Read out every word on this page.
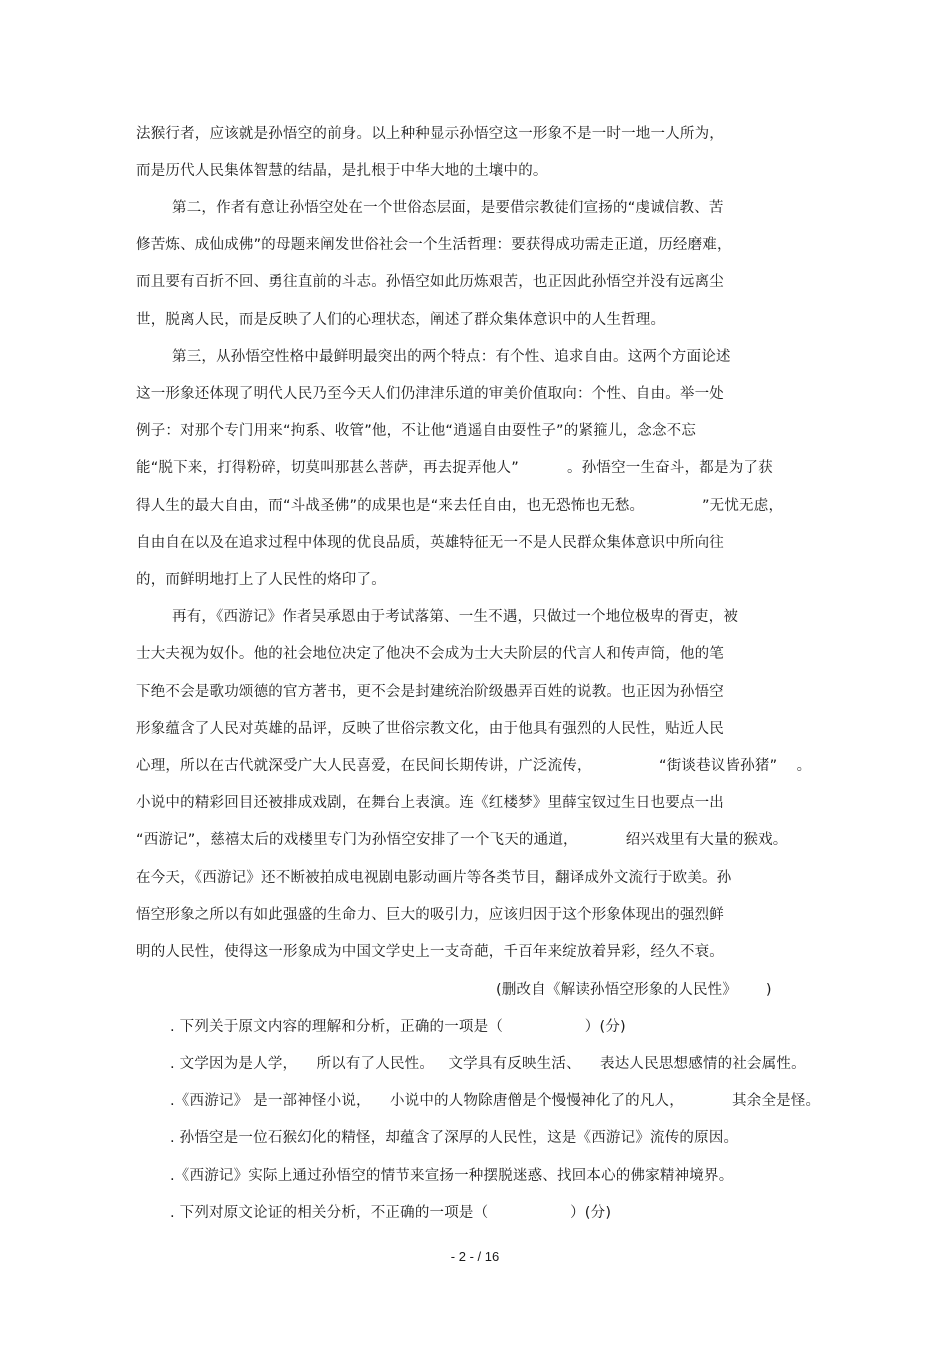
法猴行者，应该就是孙悟空的前身。以上种种显示孙悟空这一形象不是一时一地一人所为，
而是历代人民集体智慧的结晶，是扎根于中华大地的土壤中的。
第二，作者有意让孙悟空处在一个世俗态层面，是要借宗教徒们宣扬的“虔诚信教、苦
修苦炼、成仙成佛”的母题来阐发世俗社会一个生活哲理：要获得成功需走正道，历经磨难，
而且要有百折不回、勇往直前的斗志。孙悟空如此历炼艰苦，也正因此孙悟空并没有远离尘
世，脱离人民，而是反映了人们的心理状态，阐述了群众集体意识中的人生哲理。
第三，从孙悟空性格中最鲜明最突出的两个特点：有个性、追求自由。这两个方面论述
这一形象还体现了明代人民乃至今天人们仍津津乐道的审美价值取向：个性、自由。举一处
例子：对那个专门用来“拘系、收管”他，不让他“逍遥自由耍性子”的紧箍儿，念念不忘
能“脱下来，打得粉碎，切莫叫那甚么菩萨，再去捉弄他人”          。孙悟空一生奋斗，都是为了获
得人生的最大自由，而“斗战圣佛”的成果也是“来去任自由，也无恐怖也无愁。            ”无忧无虑，
自由自在以及在追求过程中体现的优良品质，英雄特征无一不是人民群众集体意识中所向往
的，而鲜明地打上了人民性的烙印了。
再有，《西游记》作者吴承恩由于考试落第、一生不遇，只做过一个地位极卑的胥吏，被
士大夫视为奴仆。他的社会地位决定了他决不会成为士大夫阶层的代言人和传声筒，他的笔
下绝不会是歌功颂德的官方著书，更不会是封建统治阶级愚弄百姓的说教。也正因为孙悟空
形象蕴含了人民对英雄的品评，反映了世俗宗教文化，由于他具有强烈的人民性，贴近人民
心理，所以在古代就深受广大人民喜爱，在民间长期传讲，广泛流传，              “街谈巷议皆孙猪”    。
小说中的精彩回目还被排成戏剧，在舞台上表演。连《红楼梦》里薛宝钗过生日也要点一出
“西游记”，慈禧太后的戏楼里专门为孙悟空安排了一个飞天的通道，          绍兴戏里有大量的猴戏。
在今天，《西游记》还不断被拍成电视剧电影动画片等各类节目，翻译成外文流行于欧美。孙
悟空形象之所以有如此强盛的生命力、巨大的吸引力，应该归因于这个形象体现出的强烈鲜
明的人民性，使得这一形象成为中国文学史上一支奇葩，千百年来绽放着异彩，经久不衰。
(删改自《解读孙悟空形象的人民性》      )
. 下列关于原文内容的理解和分析，正确的一项是（                 ）(分)
. 文学因为是人学，    所以有了人民性。   文学具有反映生活、    表达人民思想感情的社会属性。
.《西游记》 是一部神怪小说，    小说中的人物除唐僧是个慢慢神化了的凡人，          其余全是怪。
. 孙悟空是一位石猴幻化的精怪，却蕴含了深厚的人民性，这是《西游记》流传的原因。
.《西游记》实际上通过孙悟空的情节来宣扬一种摆脱迷惑、找回本心的佛家精神境界。
. 下列对原文论证的相关分析，不正确的一项是（                 ）(分)
- 2 - / 16
